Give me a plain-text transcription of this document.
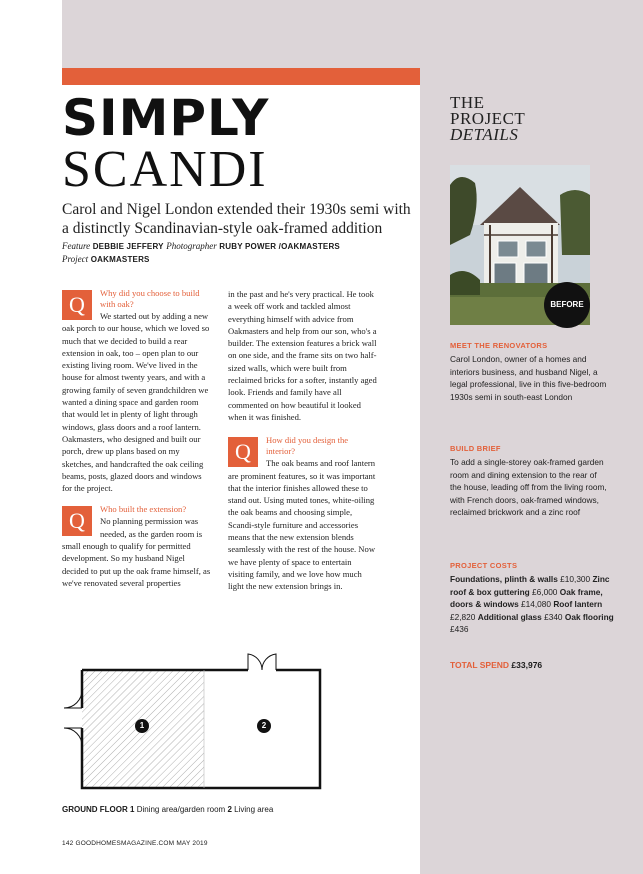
SIMPLY
SCANDI
Carol and Nigel London extended their 1930s semi with a distinctly Scandinavian-style oak-framed addition
Feature DEBBIE JEFFERY Photographer RUBY POWER /OAKMASTERS
Project OAKMASTERS
Q	Why did you choose to build with oak?
We started out by adding a new oak porch to our house, which we loved so much that we decided to build a rear extension in oak, too – open plan to our existing living room. We've lived in the house for almost twenty years, and with a growing family of seven grandchildren we wanted a dining space and garden room that would let in plenty of light through windows, glass doors and a roof lantern. Oakmasters, who designed and built our porch, drew up plans based on my sketches, and handcrafted the oak ceiling beams, posts, glazed doors and windows for the project.
Q	Who built the extension?
No planning permission was needed, as the garden room is small enough to qualify for permitted development. So my husband Nigel decided to put up the oak frame himself, as we've renovated several properties
in the past and he's very practical. He took a week off work and tackled almost everything himself with advice from Oakmasters and help from our son, who's a builder. The extension features a brick wall on one side, and the frame sits on two half-sized walls, which were built from reclaimed bricks for a softer, instantly aged look. Friends and family have all commented on how beautiful it looked when it was finished.
Q	How did you design the interior?
The oak beams and roof lantern are prominent features, so it was important that the interior finishes allowed these to stand out. Using muted tones, white-oiling the oak beams and choosing simple, Scandi-style furniture and accessories means that the new extension blends seamlessly with the rest of the house. Now we have plenty of space to entertain visiting family, and we love how much light the new extension brings in.
THE
PROJECT
DETAILS
BEFORE
MEET THE RENOVATORS
Carol London, owner of a homes and interiors business, and husband Nigel, a legal professional, live in this five-bedroom 1930s semi in south-east London
BUILD BRIEF
To add a single-storey oak-framed garden room and dining extension to the rear of the house, leading off from the living room, with French doors, oak-framed windows, reclaimed brickwork and a zinc roof
PROJECT COSTS
Foundations, plinth & walls £10,300 Zinc roof & box guttering £6,000 Oak frame, doors & windows £14,080 Roof lantern £2,820 Additional glass £340 Oak flooring £436
TOTAL SPEND £33,976
1	2
GROUND FLOOR 1 Dining area/garden room 2 Living area
142 GOODHOMESMAGAZINE.COM MAY 2019
